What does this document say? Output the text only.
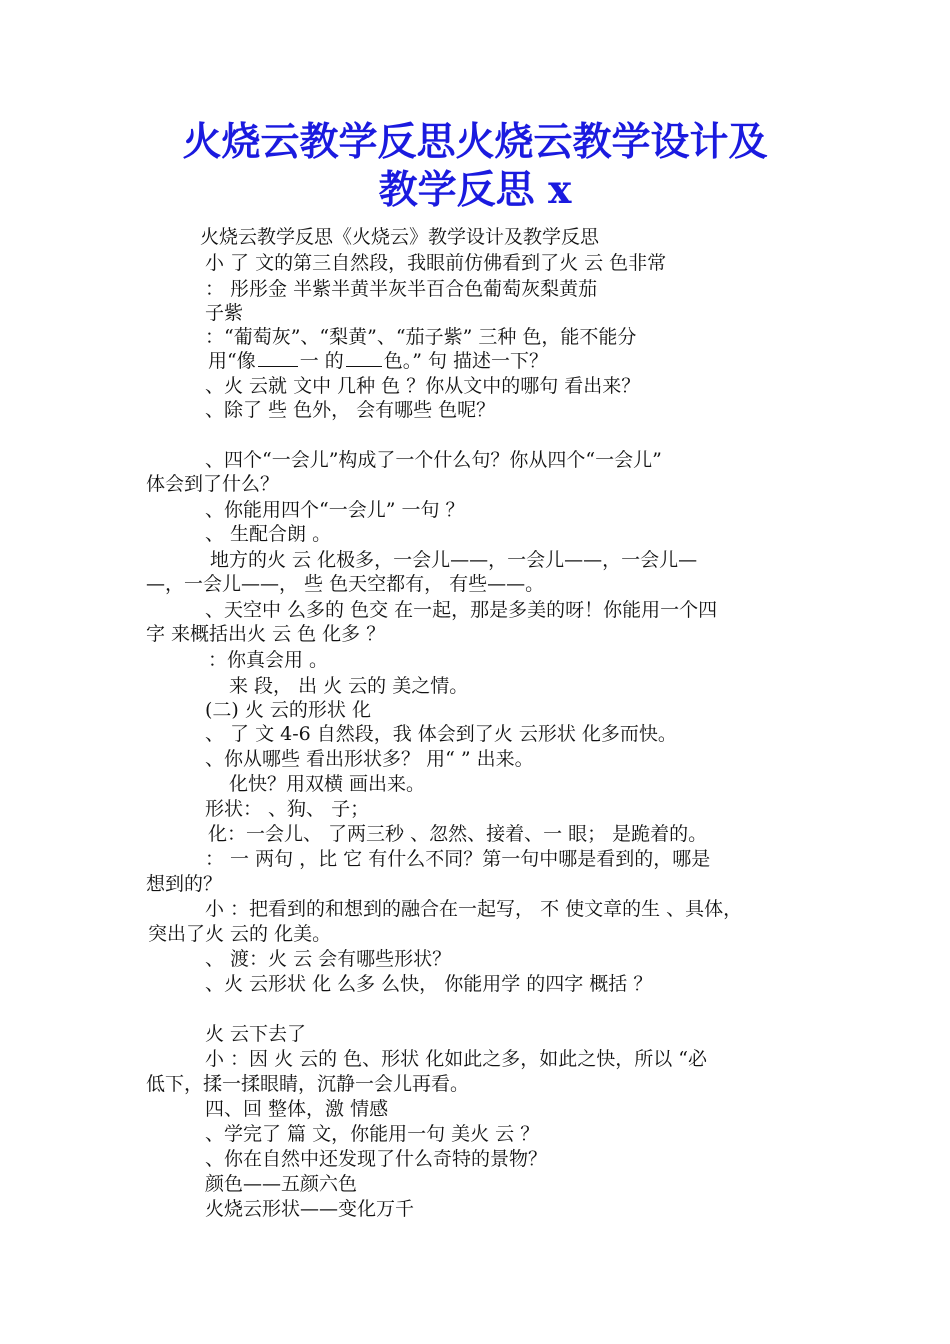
火烧云教学反思火烧云教学设计及
教学反思 x
火烧云教学反思《火烧云》教学设计及教学反思
小 了 文的第三自然段，我眼前仿佛看到了火 云 色非常
： 彤彤金 半紫半黄半灰半百合色葡萄灰梨黄茄
子紫
：“葡萄灰”、“梨黄”、“茄子紫” 三种 色，能不能分
用“像 一 的 色。” 句 描述一下？
、火 云就 文中 几种 色 ？你从文中的哪句 看出来？
、除了 些 色外， 会有哪些 色呢？
、四个“一会儿”构成了一个什么句？你从四个“一会儿”
体会到了什么？
、你能用四个“一会儿” 一句 ？
、 生配合朗 。
地方的火 云 化极多，一会儿——，一会儿——，一会儿—
—，一会儿——， 些 色天空都有， 有些——。
、天空中 么多的 色交 在一起，那是多美的呀！你能用一个四
字 来概括出火 云 色 化多 ？
：你真会用 。
来 段， 出 火 云的 美之情。
(二) 火 云的形状 化
、 了 文 4-6 自然段，我 体会到了火 云形状 化多而快。
、你从哪些 看出形状多？ 用“ ” 出来。
化快？用双横 画出来。
形状： 、狗、 子；
化：一会儿、 了两三秒 、忽然、接着、一 眼； 是跪着的。
： 一 两句 ，比 它 有什么不同？第一句中哪是看到的，哪是
想到的？
小 ：把看到的和想到的融合在一起写， 不 使文章的生 、具体，
突出了火 云的 化美。
、 渡：火 云 会有哪些形状？
、火 云形状 化 么多 么快， 你能用学 的四字 概括 ？
火 云下去了
小 ：因 火 云的 色、形状 化如此之多，如此之快，所以 “必
低下，揉一揉眼睛，沉静一会儿再看。
四、回 整体，激 情感
、学完了 篇 文，你能用一句 美火 云 ？
、你在自然中还发现了什么奇特的景物？
颜色——五颜六色
火烧云形状——变化万千
